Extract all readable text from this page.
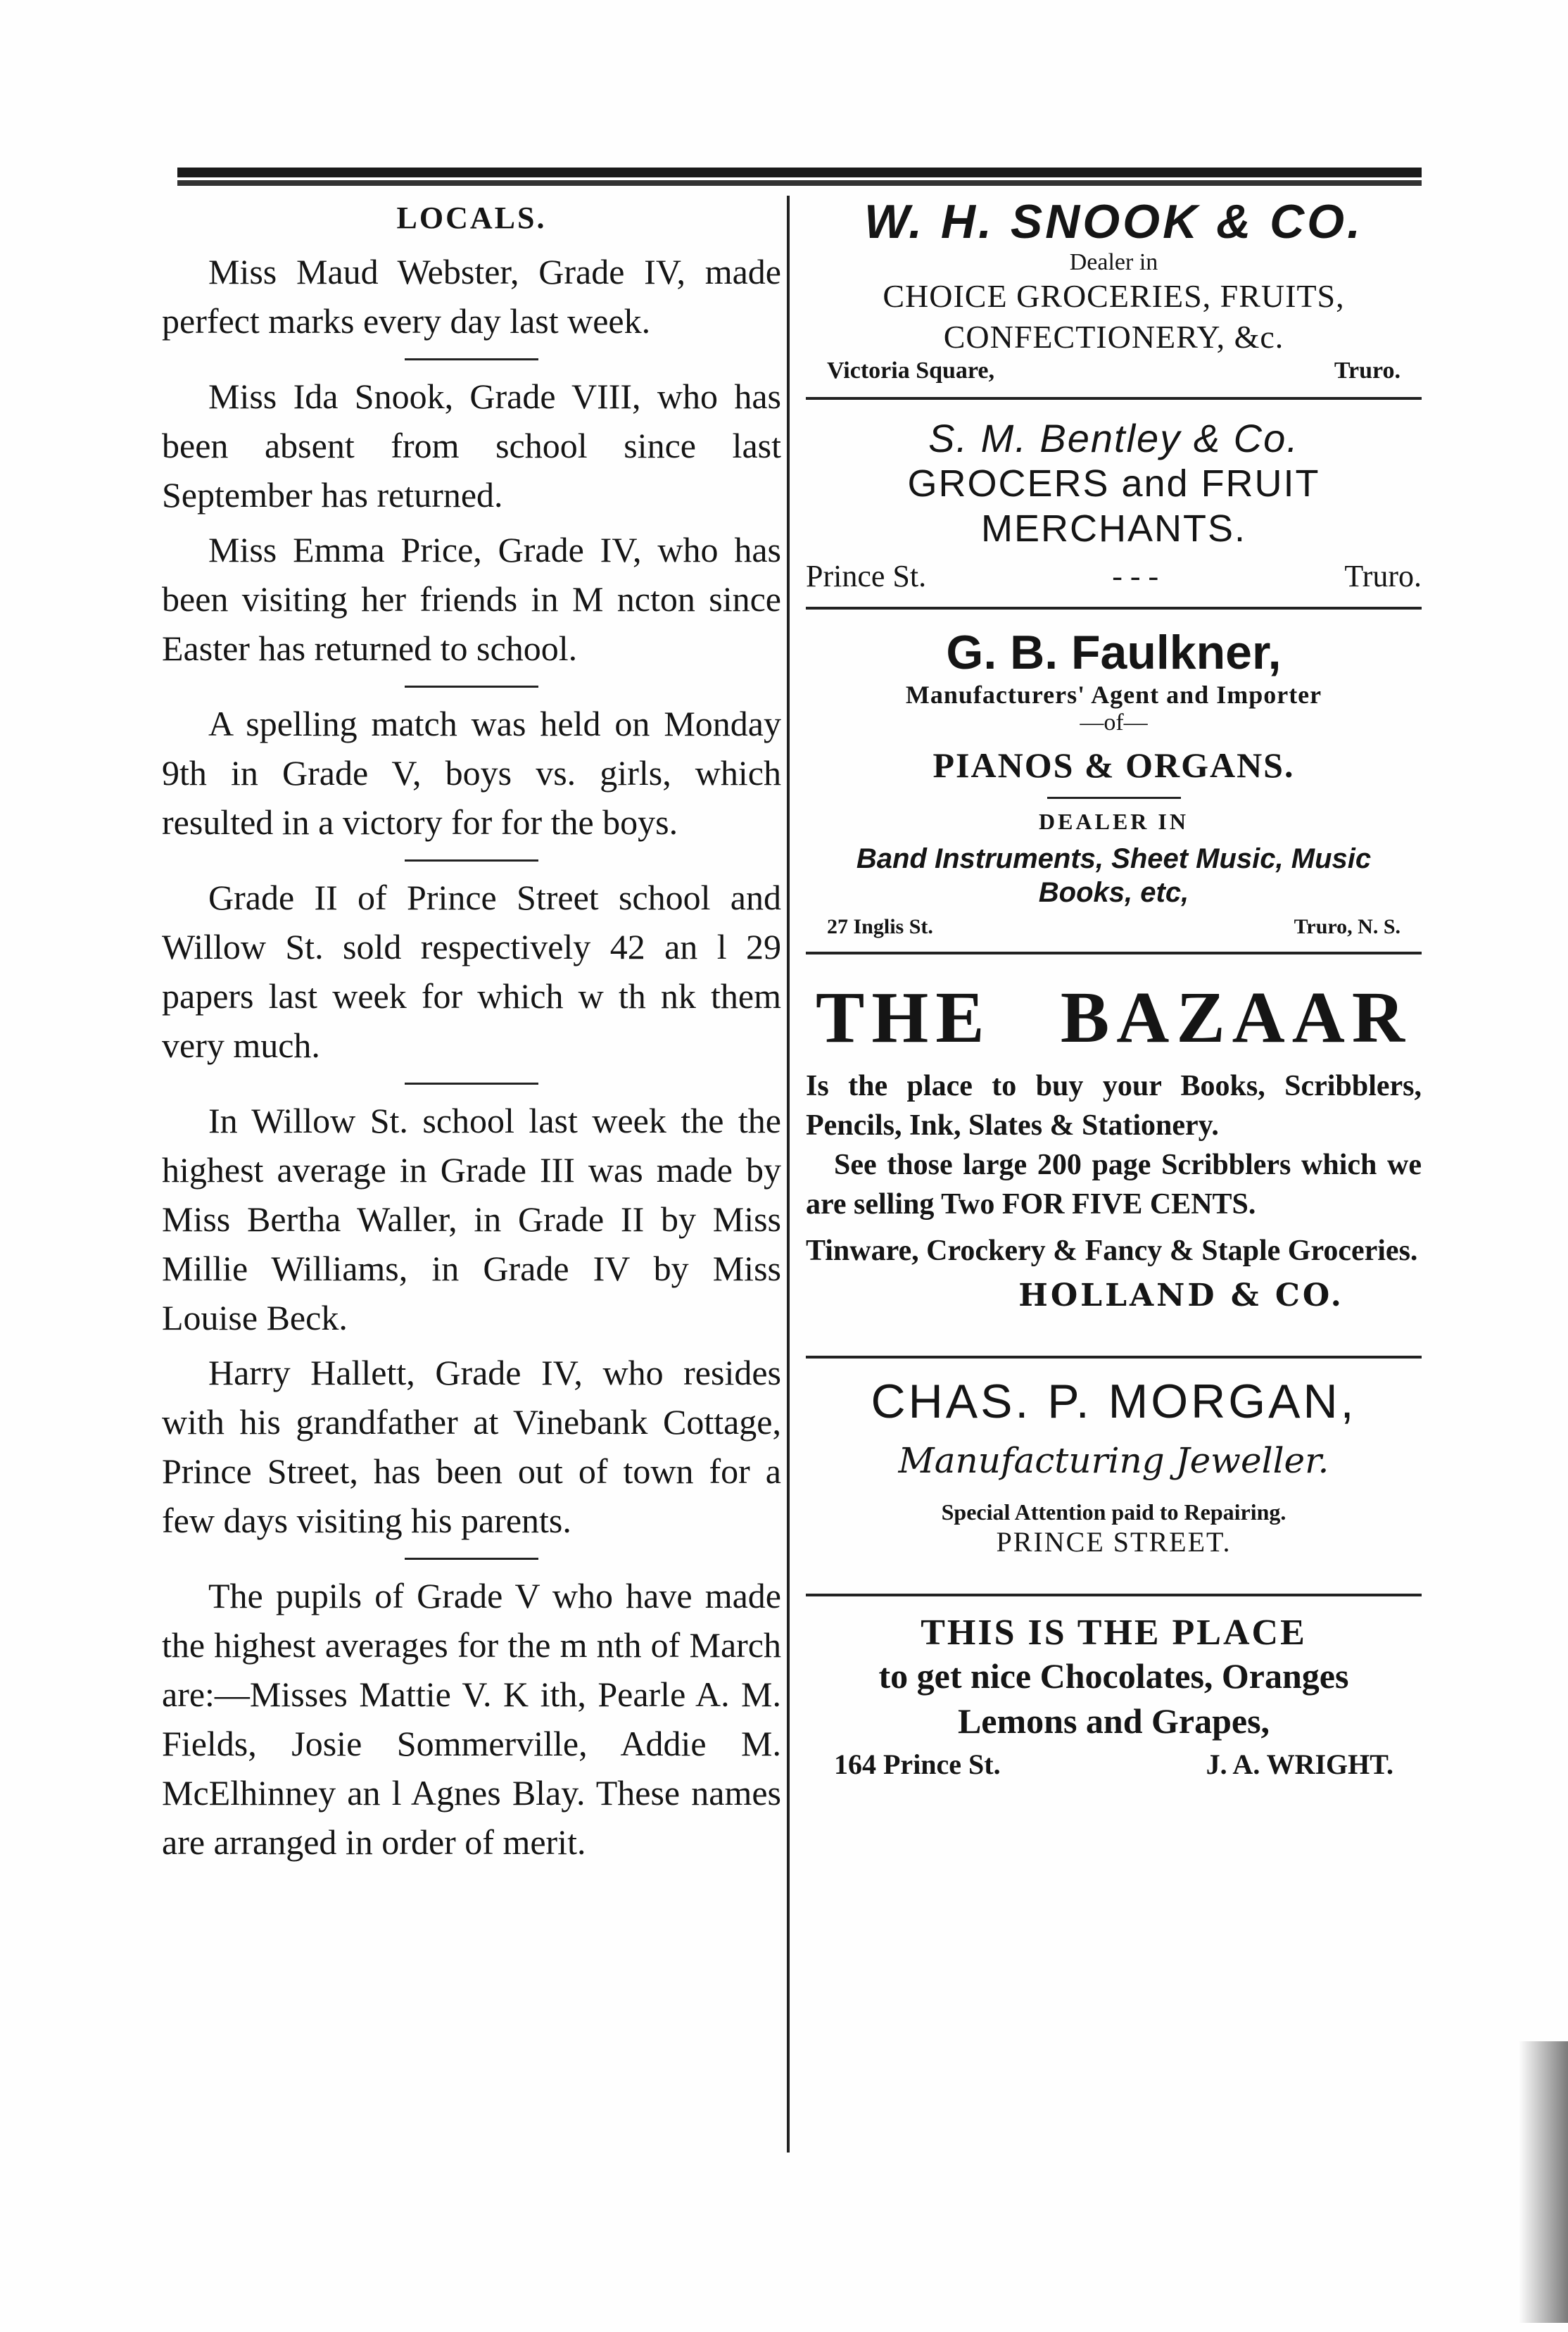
LOCALS.

Miss Maud Webster, Grade IV, made perfect marks every day last week.

Miss Ida Snook, Grade VIII, who has been absent from school since last September has returned.

Miss Emma Price, Grade IV, who has been visiting her friends in M ncton since Easter has returned to school.

A spelling match was held on Monday 9th in Grade V, boys vs. girls, which resulted in a victory for for the boys.

Grade II of Prince Street school and Willow St. sold respectively 42 an l 29 papers last week for which w th nk them very much.

In Willow St. school last week the the highest average in Grade III was made by Miss Bertha Waller, in Grade II by Miss Millie Williams, in Grade IV by Miss Louise Beck.

Harry Hallett, Grade IV, who resides with his grandfather at Vinebank Cottage, Prince Street, has been out of town for a few days visiting his parents.

The pupils of Grade V who have made the highest averages for the m nth of March are:—Misses Mattie V. K ith, Pearle A. M. Fields, Josie Sommerville, Addie M. McElhinney an l Agnes Blay. These names are arranged in order of merit.

W. H. SNOOK & CO.
Dealer in
CHOICE GROCERIES, FRUITS,
CONFECTIONERY, &c.
Victoria Square,	Truro.
S. M. Bentley & Co.
GROCERS and FRUIT
MERCHANTS.
Prince St.	- - -	Truro.
G. B. Faulkner,
Manufacturers' Agent and Importer
—of—
PIANOS & ORGANS.
DEALER IN
Band Instruments, Sheet Music, Music
Books, etc,
27 Inglis St.	Truro, N. S.
THE BAZAAR

Is the place to buy your Books, Scribblers, Pencils, Ink, Slates & Stationery.

See those large 200 page Scribblers which we are selling Two FOR FIVE CENTS.

Tinware, Crockery & Fancy & Staple Groceries.

HOLLAND & CO.
CHAS. P. MORGAN,
Manufacturing Jeweller.
Special Attention paid to Repairing.
PRINCE STREET.
THIS IS THE PLACE
to get nice Chocolates, Oranges
Lemons and Grapes,
164 Prince St.	J. A. WRIGHT.
